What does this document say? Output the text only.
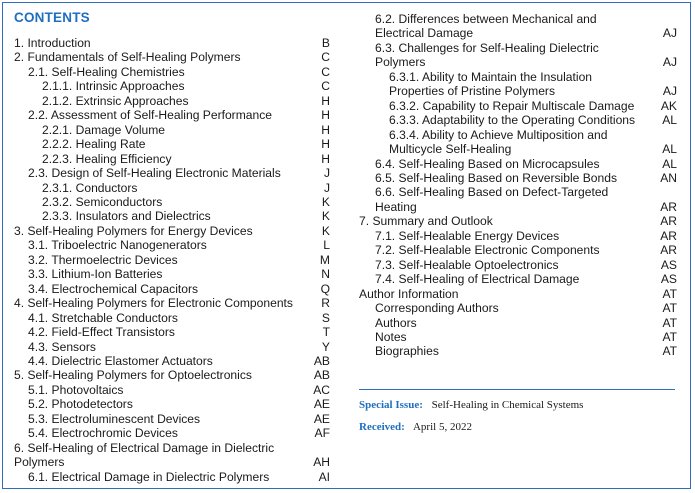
CONTENTS
1. Introduction	B
2. Fundamentals of Self-Healing Polymers	C
2.1. Self-Healing Chemistries	C
2.1.1. Intrinsic Approaches	C
2.1.2. Extrinsic Approaches	H
2.2. Assessment of Self-Healing Performance	H
2.2.1. Damage Volume	H
2.2.2. Healing Rate	H
2.2.3. Healing Efficiency	H
2.3. Design of Self-Healing Electronic Materials	J
2.3.1. Conductors	J
2.3.2. Semiconductors	K
2.3.3. Insulators and Dielectrics	K
3. Self-Healing Polymers for Energy Devices	K
3.1. Triboelectric Nanogenerators	L
3.2. Thermoelectric Devices	M
3.3. Lithium-Ion Batteries	N
3.4. Electrochemical Capacitors	Q
4. Self-Healing Polymers for Electronic Components	R
4.1. Stretchable Conductors	S
4.2. Field-Effect Transistors	T
4.3. Sensors	Y
4.4. Dielectric Elastomer Actuators	AB
5. Self-Healing Polymers for Optoelectronics	AB
5.1. Photovoltaics	AC
5.2. Photodetectors	AE
5.3. Electroluminescent Devices	AE
5.4. Electrochromic Devices	AF
6. Self-Healing of Electrical Damage in Dielectric Polymers	AH
6.1. Electrical Damage in Dielectric Polymers	AI
6.2. Differences between Mechanical and Electrical Damage	AJ
6.3. Challenges for Self-Healing Dielectric Polymers	AJ
6.3.1. Ability to Maintain the Insulation Properties of Pristine Polymers	AJ
6.3.2. Capability to Repair Multiscale Damage	AK
6.3.3. Adaptability to the Operating Conditions	AL
6.3.4. Ability to Achieve Multiposition and Multicycle Self-Healing	AL
6.4. Self-Healing Based on Microcapsules	AL
6.5. Self-Healing Based on Reversible Bonds	AN
6.6. Self-Healing Based on Defect-Targeted Heating	AR
7. Summary and Outlook	AR
7.1. Self-Healable Energy Devices	AR
7.2. Self-Healable Electronic Components	AR
7.3. Self-Healable Optoelectronics	AS
7.4. Self-Healing of Electrical Damage	AS
Author Information	AT
Corresponding Authors	AT
Authors	AT
Notes	AT
Biographies	AT
Special Issue: Self-Healing in Chemical Systems
Received: April 5, 2022
